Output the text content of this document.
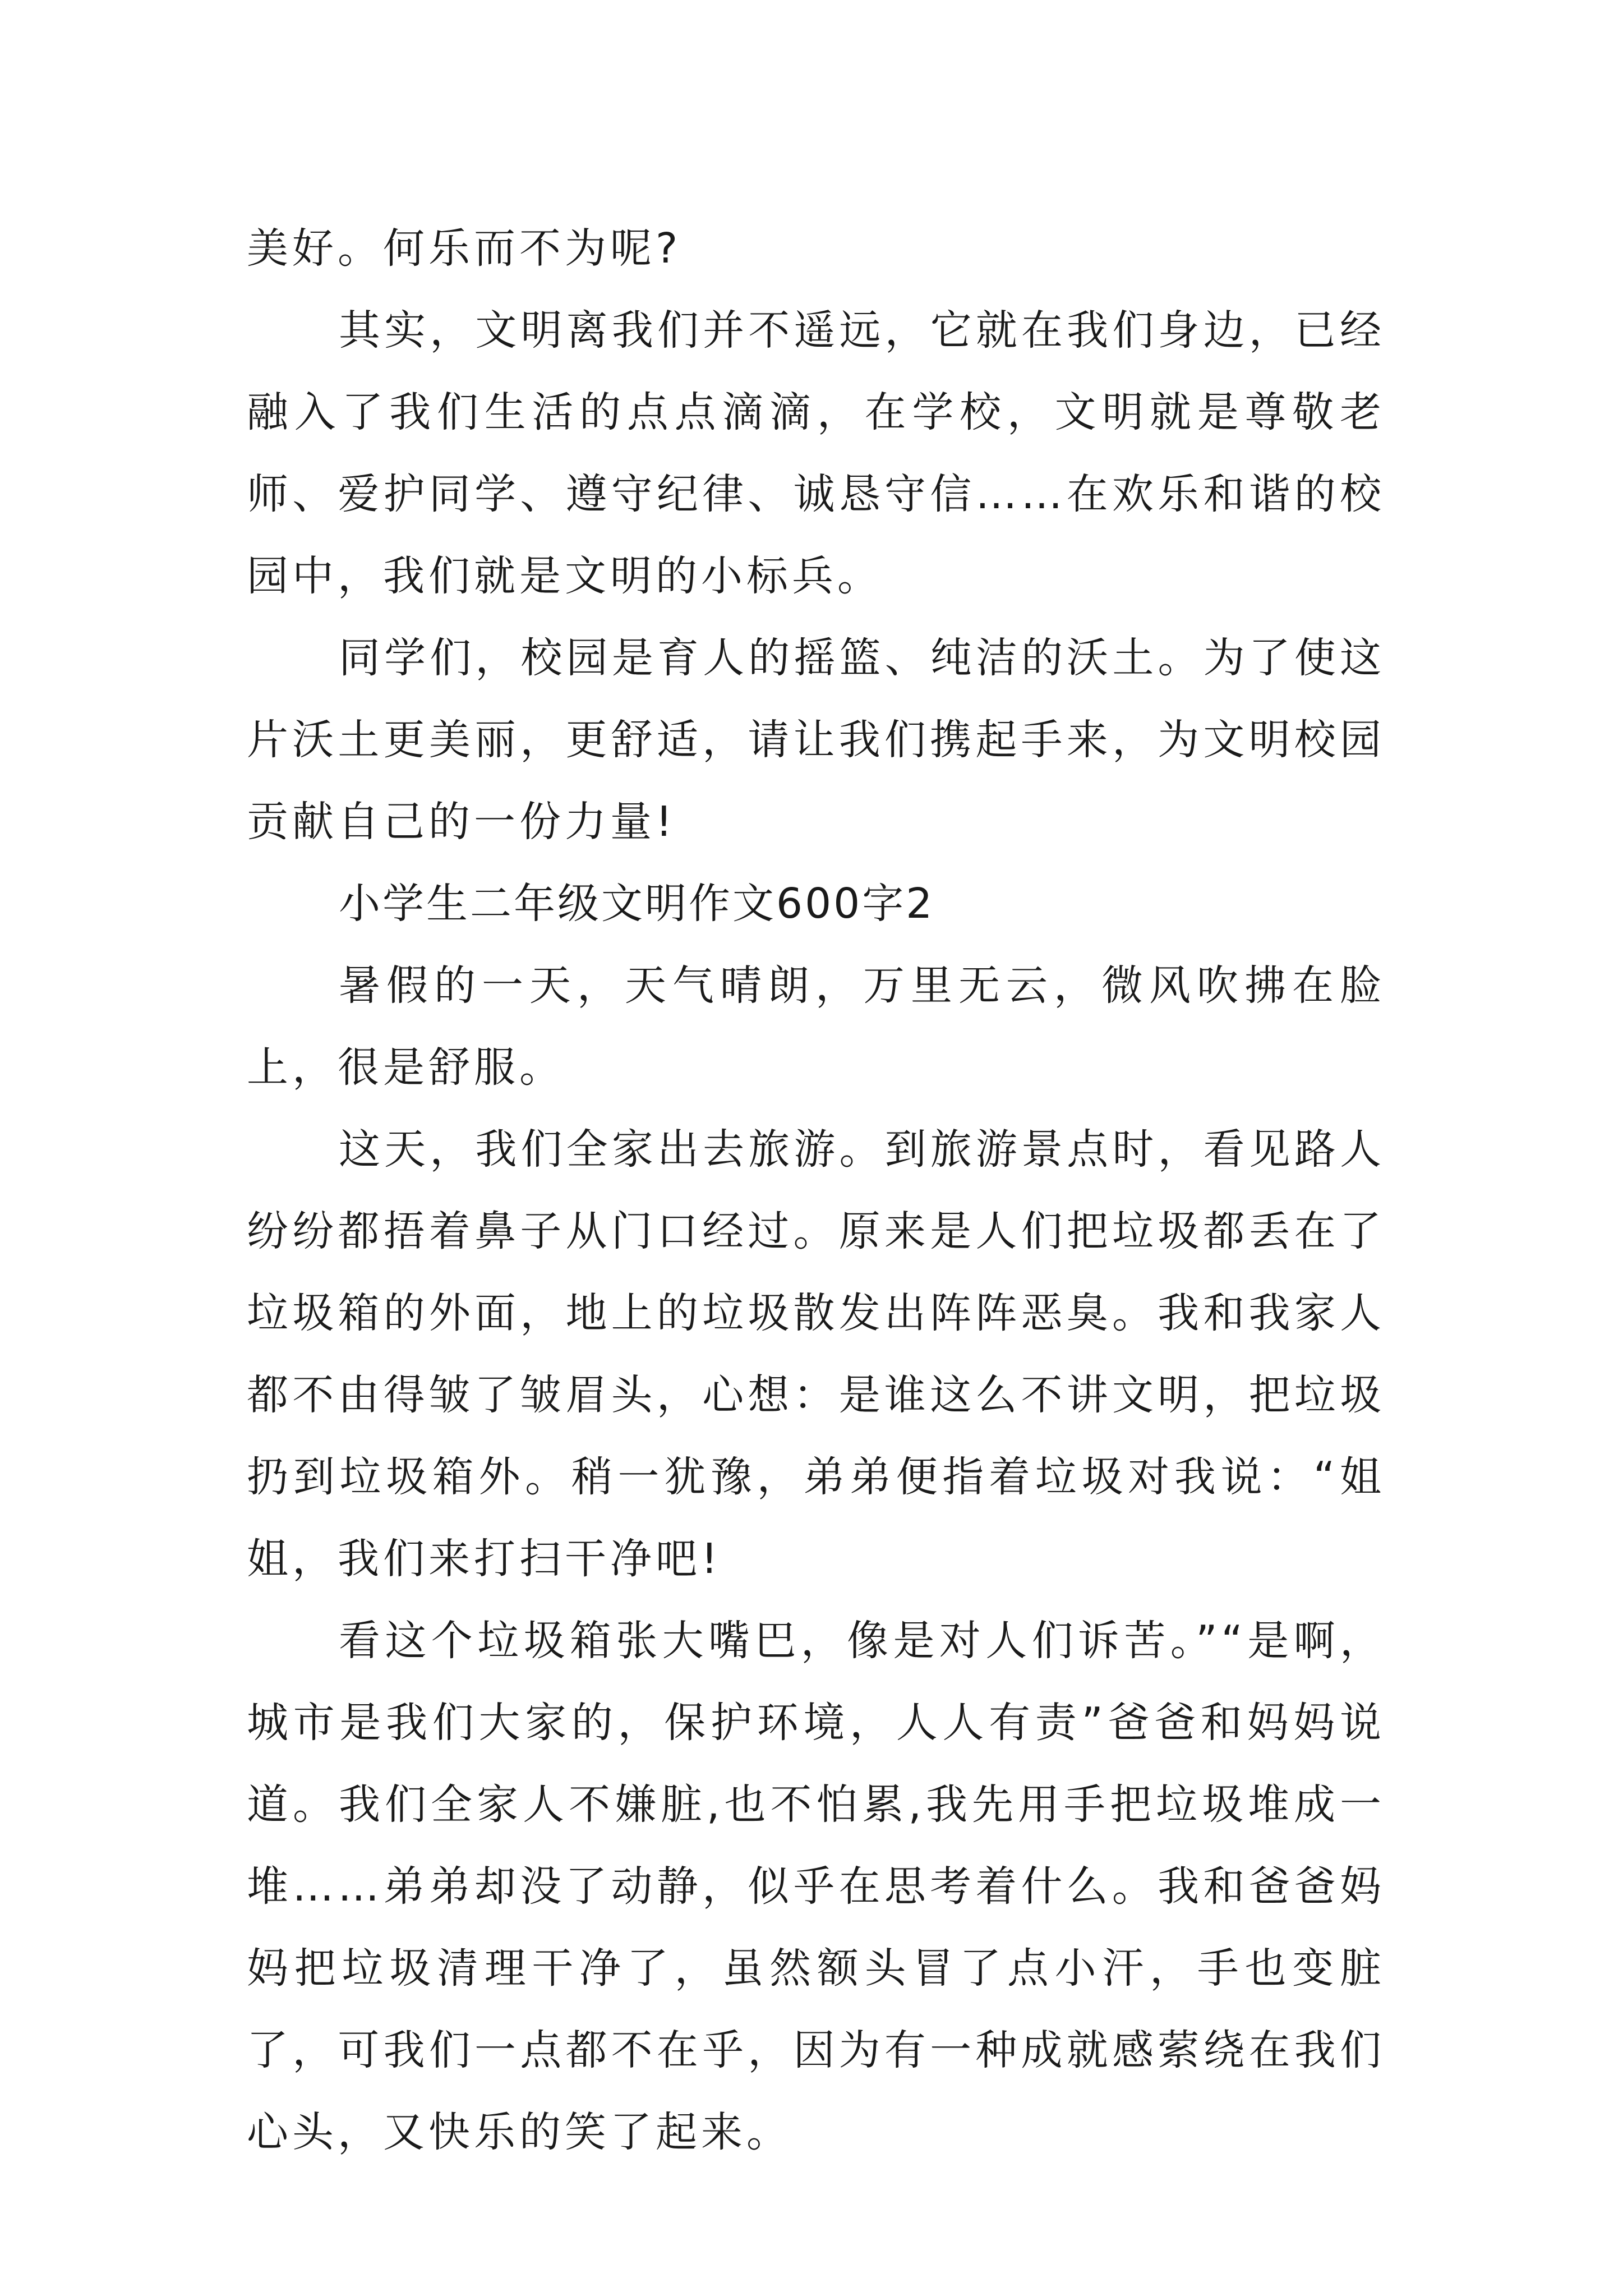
美好。何乐而不为呢?

其实，文明离我们并不遥远，它就在我们身边，已经融入了我们生活的点点滴滴，在学校，文明就是尊敬老师、爱护同学、遵守纪律、诚恳守信……在欢乐和谐的校园中，我们就是文明的小标兵。

同学们，校园是育人的摇篮、纯洁的沃土。为了使这片沃土更美丽，更舒适，请让我们携起手来，为文明校园贡献自己的一份力量!

小学生二年级文明作文600字2

暑假的一天，天气晴朗，万里无云，微风吹拂在脸上，很是舒服。

这天，我们全家出去旅游。到旅游景点时，看见路人纷纷都捂着鼻子从门口经过。原来是人们把垃圾都丢在了垃圾箱的外面，地上的垃圾散发出阵阵恶臭。我和我家人都不由得皱了皱眉头，心想：是谁这么不讲文明，把垃圾扔到垃圾箱外。稍一犹豫，弟弟便指着垃圾对我说：“姐姐，我们来打扫干净吧!

看这个垃圾箱张大嘴巴，像是对人们诉苦。”“是啊，城市是我们大家的，保护环境，人人有责”爸爸和妈妈说道。我们全家人不嫌脏,也不怕累,我先用手把垃圾堆成一堆……弟弟却没了动静，似乎在思考着什么。我和爸爸妈妈把垃圾清理干净了，虽然额头冒了点小汗，手也变脏了，可我们一点都不在乎，因为有一种成就感萦绕在我们心头，又快乐的笑了起来。
